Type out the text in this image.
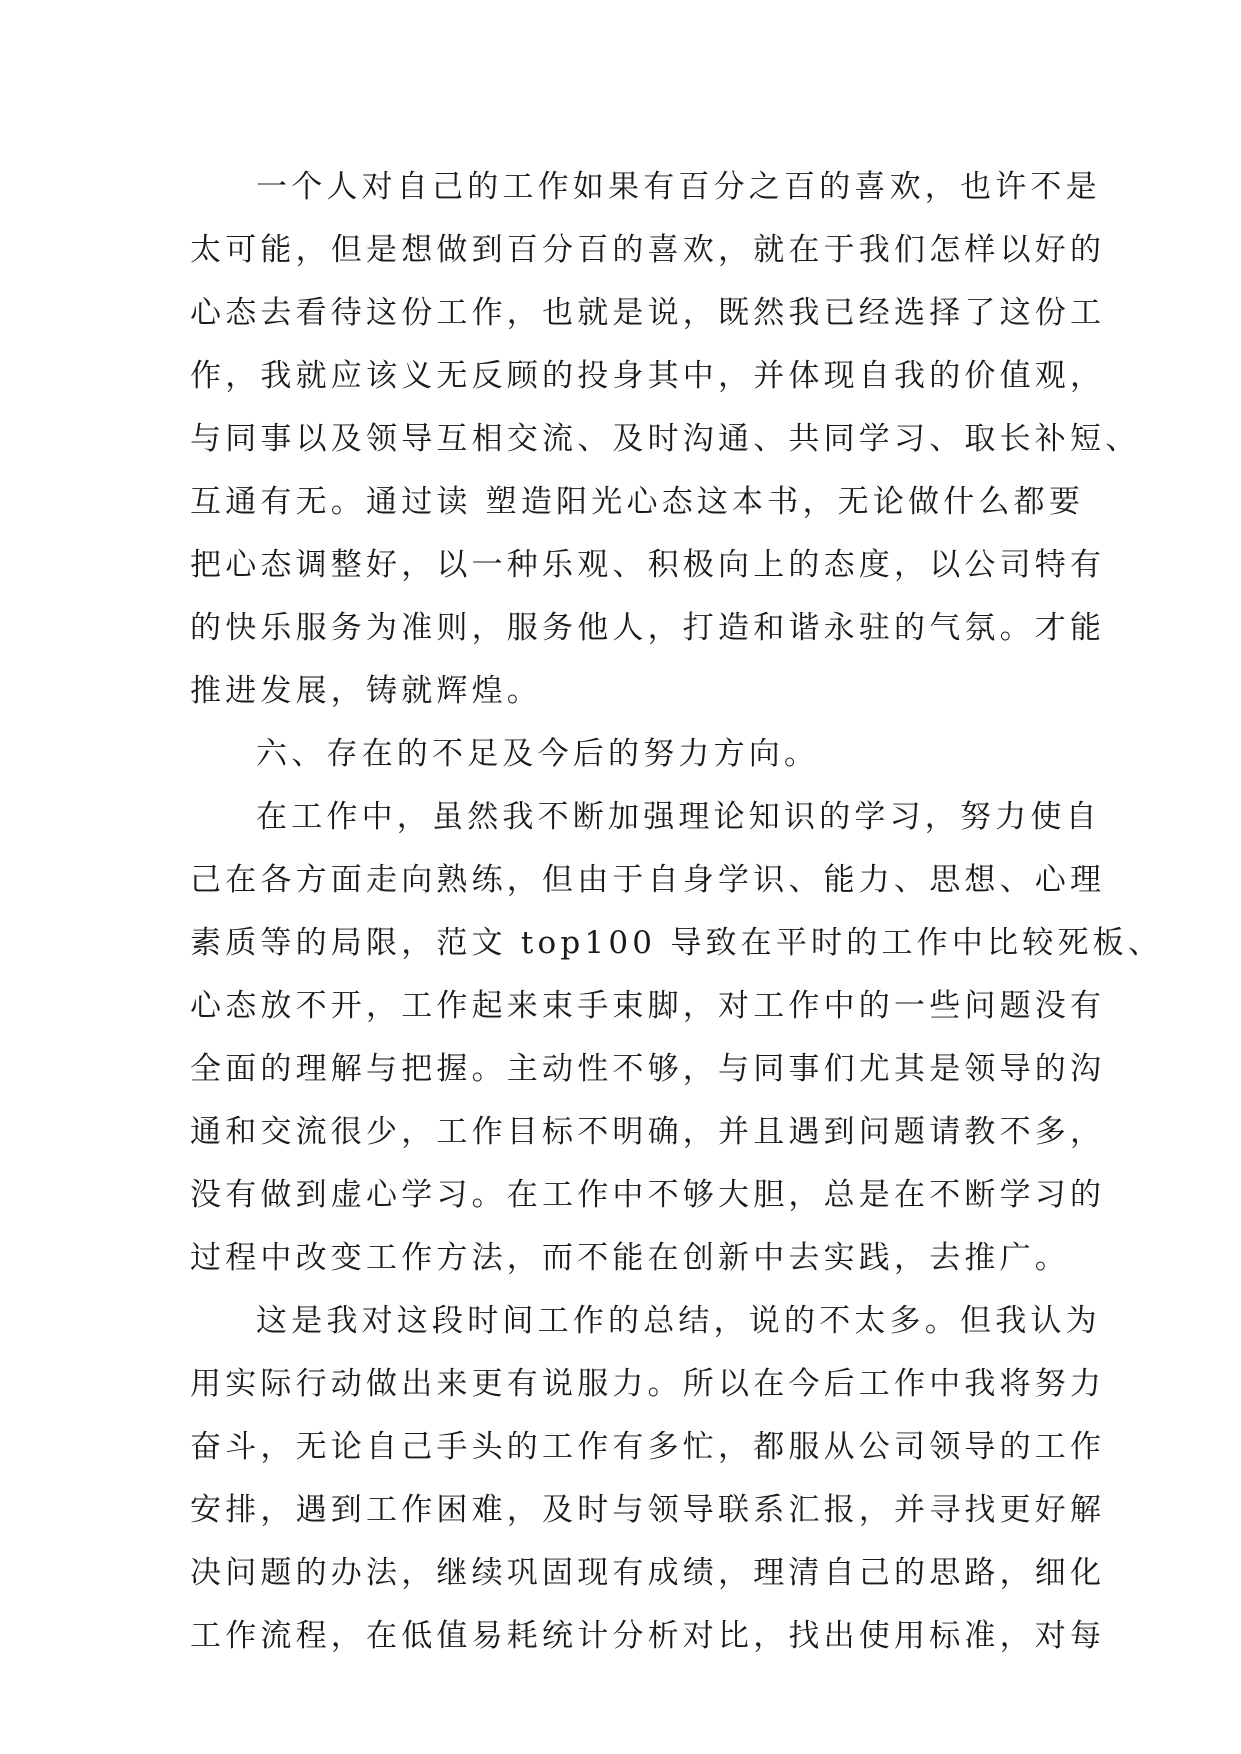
一个人对自己的工作如果有百分之百的喜欢，也许不是
太可能，但是想做到百分百的喜欢，就在于我们怎样以好的
心态去看待这份工作，也就是说，既然我已经选择了这份工
作，我就应该义无反顾的投身其中，并体现自我的价值观，
与同事以及领导互相交流、及时沟通、共同学习、取长补短、
互通有无。通过读 塑造阳光心态这本书，无论做什么都要
把心态调整好，以一种乐观、积极向上的态度，以公司特有
的快乐服务为准则，服务他人，打造和谐永驻的气氛。才能
推进发展，铸就辉煌。
六、存在的不足及今后的努力方向。
在工作中，虽然我不断加强理论知识的学习，努力使自
己在各方面走向熟练，但由于自身学识、能力、思想、心理
素质等的局限，范文 top100 导致在平时的工作中比较死板、
心态放不开，工作起来束手束脚，对工作中的一些问题没有
全面的理解与把握。主动性不够，与同事们尤其是领导的沟
通和交流很少，工作目标不明确，并且遇到问题请教不多，
没有做到虚心学习。在工作中不够大胆，总是在不断学习的
过程中改变工作方法，而不能在创新中去实践，去推广。
这是我对这段时间工作的总结，说的不太多。但我认为
用实际行动做出来更有说服力。所以在今后工作中我将努力
奋斗，无论自己手头的工作有多忙，都服从公司领导的工作
安排，遇到工作困难，及时与领导联系汇报，并寻找更好解
决问题的办法，继续巩固现有成绩，理清自己的思路，细化
工作流程，在低值易耗统计分析对比，找出使用标准，对每
